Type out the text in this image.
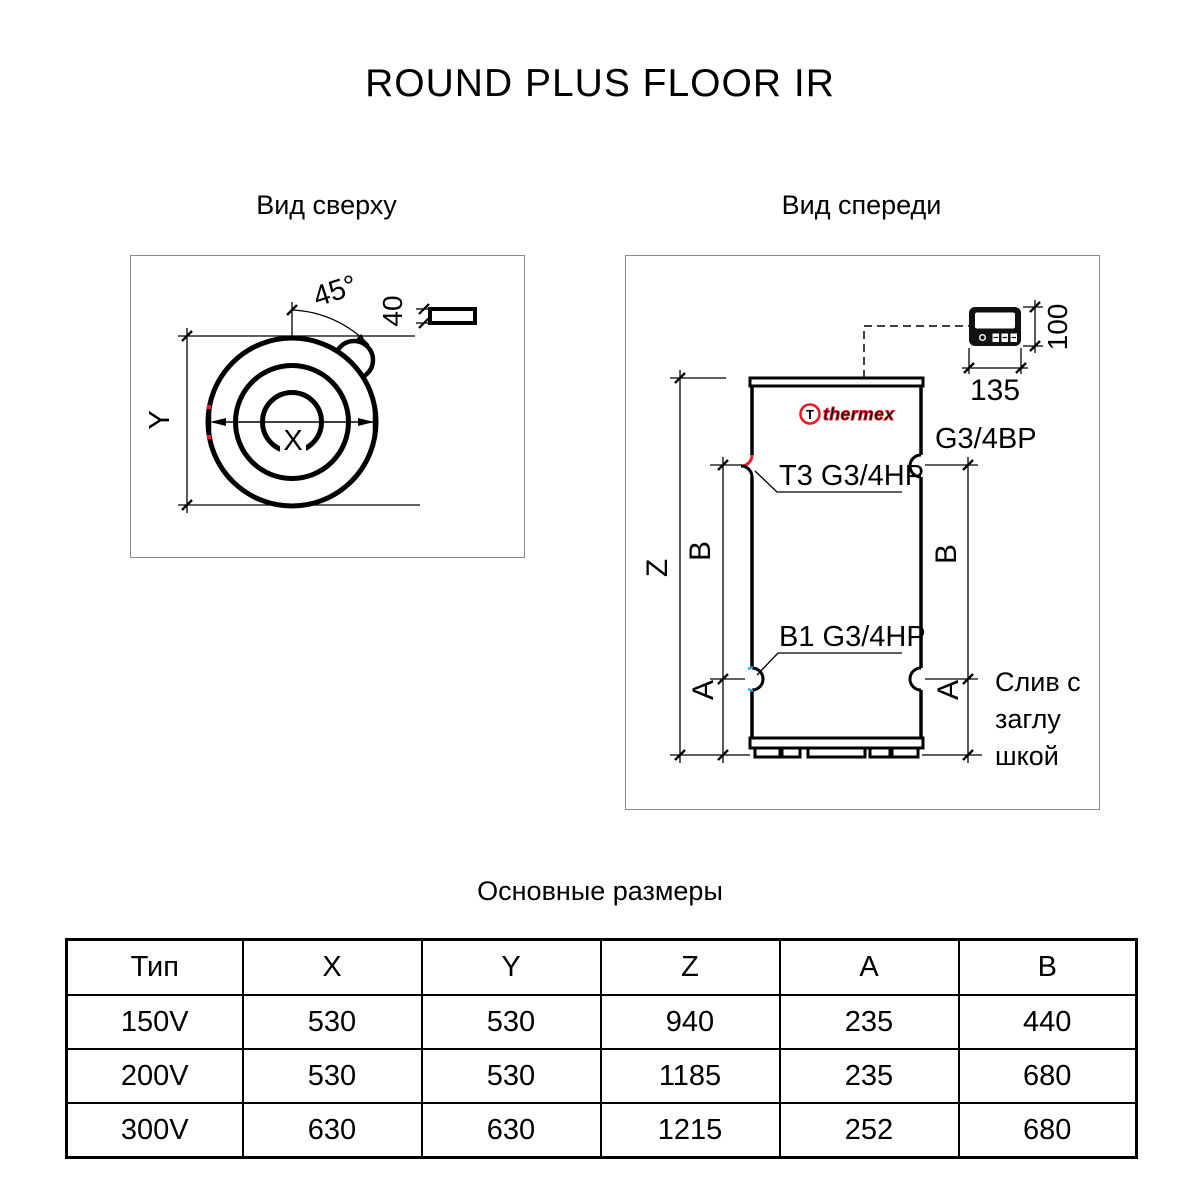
ROUND PLUS FLOOR IR
Вид сверху	Вид спереди
45° 40
Y
X
100
135
T thermex
Z
B
A
B
A
G3/4ВР
Т3 G3/4НР
В1 G3/4НР
Слив с
заглу
шкой
Основные размеры
Тип	X	Y	Z	A	B
150V	530	530	940	235	440
200V	530	530	1185	235	680
300V	630	630	1215	252	680
